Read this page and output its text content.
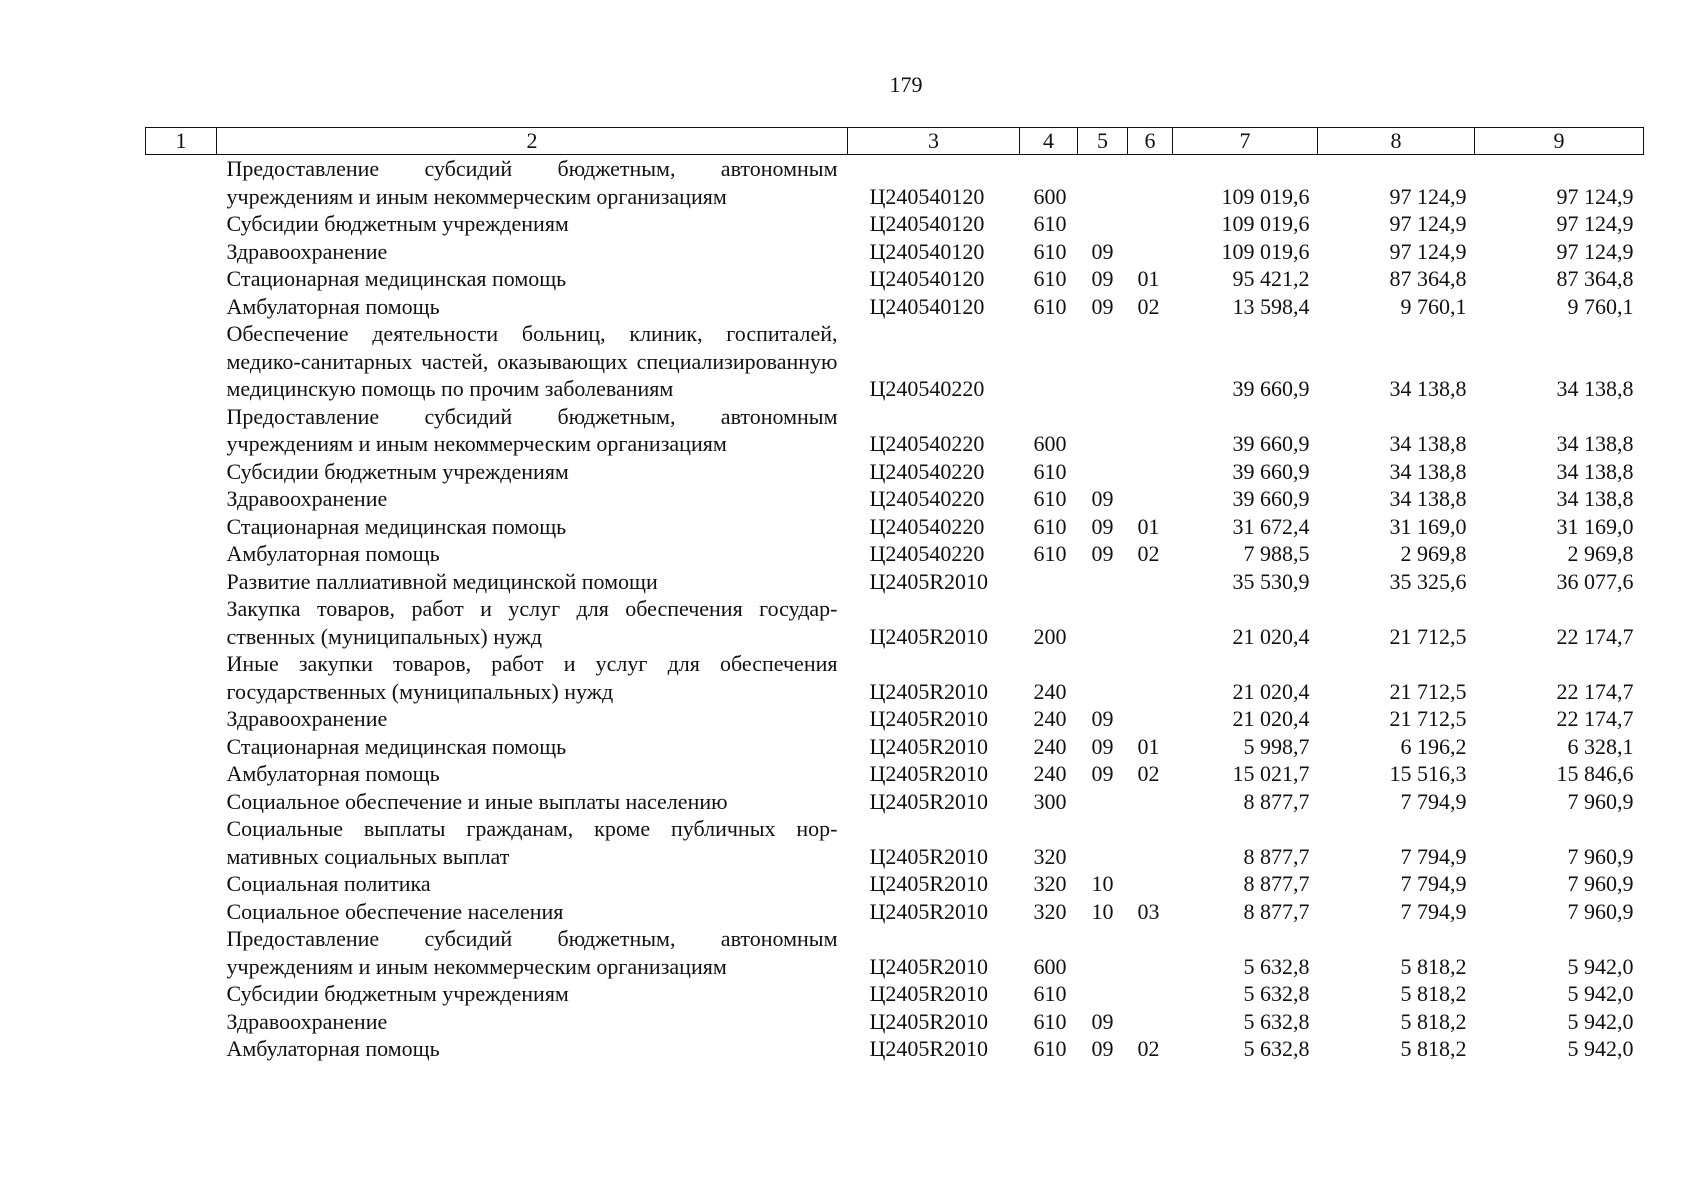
179
1	2	3	4	5	6	7	8	9
	Предоставление субсидий бюджетным, автономным учреждениям и иным некоммерческим организациям	Ц240540120	600			109 019,6	97 124,9	97 124,9
	Субсидии бюджетным учреждениям	Ц240540120	610			109 019,6	97 124,9	97 124,9
	Здравоохранение	Ц240540120	610	09		109 019,6	97 124,9	97 124,9
	Стационарная медицинская помощь	Ц240540120	610	09	01	95 421,2	87 364,8	87 364,8
	Амбулаторная помощь	Ц240540120	610	09	02	13 598,4	9 760,1	9 760,1
	Обеспечение деятельности больниц, клиник, госпиталей, медико-санитарных частей, оказывающих специализированную медицинскую помощь по прочим заболеваниям	Ц240540220				39 660,9	34 138,8	34 138,8
	Предоставление субсидий бюджетным, автономным учреждениям и иным некоммерческим организациям	Ц240540220	600			39 660,9	34 138,8	34 138,8
	Субсидии бюджетным учреждениям	Ц240540220	610			39 660,9	34 138,8	34 138,8
	Здравоохранение	Ц240540220	610	09		39 660,9	34 138,8	34 138,8
	Стационарная медицинская помощь	Ц240540220	610	09	01	31 672,4	31 169,0	31 169,0
	Амбулаторная помощь	Ц240540220	610	09	02	7 988,5	2 969,8	2 969,8
	Развитие паллиативной медицинской помощи	Ц2405R2010				35 530,9	35 325,6	36 077,6
	Закупка товаров, работ и услуг для обеспечения государственных (муниципальных) нужд	Ц2405R2010	200			21 020,4	21 712,5	22 174,7
	Иные закупки товаров, работ и услуг для обеспечения государственных (муниципальных) нужд	Ц2405R2010	240			21 020,4	21 712,5	22 174,7
	Здравоохранение	Ц2405R2010	240	09		21 020,4	21 712,5	22 174,7
	Стационарная медицинская помощь	Ц2405R2010	240	09	01	5 998,7	6 196,2	6 328,1
	Амбулаторная помощь	Ц2405R2010	240	09	02	15 021,7	15 516,3	15 846,6
	Социальное обеспечение и иные выплаты населению	Ц2405R2010	300			8 877,7	7 794,9	7 960,9
	Социальные выплаты гражданам, кроме публичных нормативных социальных выплат	Ц2405R2010	320			8 877,7	7 794,9	7 960,9
	Социальная политика	Ц2405R2010	320	10		8 877,7	7 794,9	7 960,9
	Социальное обеспечение населения	Ц2405R2010	320	10	03	8 877,7	7 794,9	7 960,9
	Предоставление субсидий бюджетным, автономным учреждениям и иным некоммерческим организациям	Ц2405R2010	600			5 632,8	5 818,2	5 942,0
	Субсидии бюджетным учреждениям	Ц2405R2010	610			5 632,8	5 818,2	5 942,0
	Здравоохранение	Ц2405R2010	610	09		5 632,8	5 818,2	5 942,0
	Амбулаторная помощь	Ц2405R2010	610	09	02	5 632,8	5 818,2	5 942,0
